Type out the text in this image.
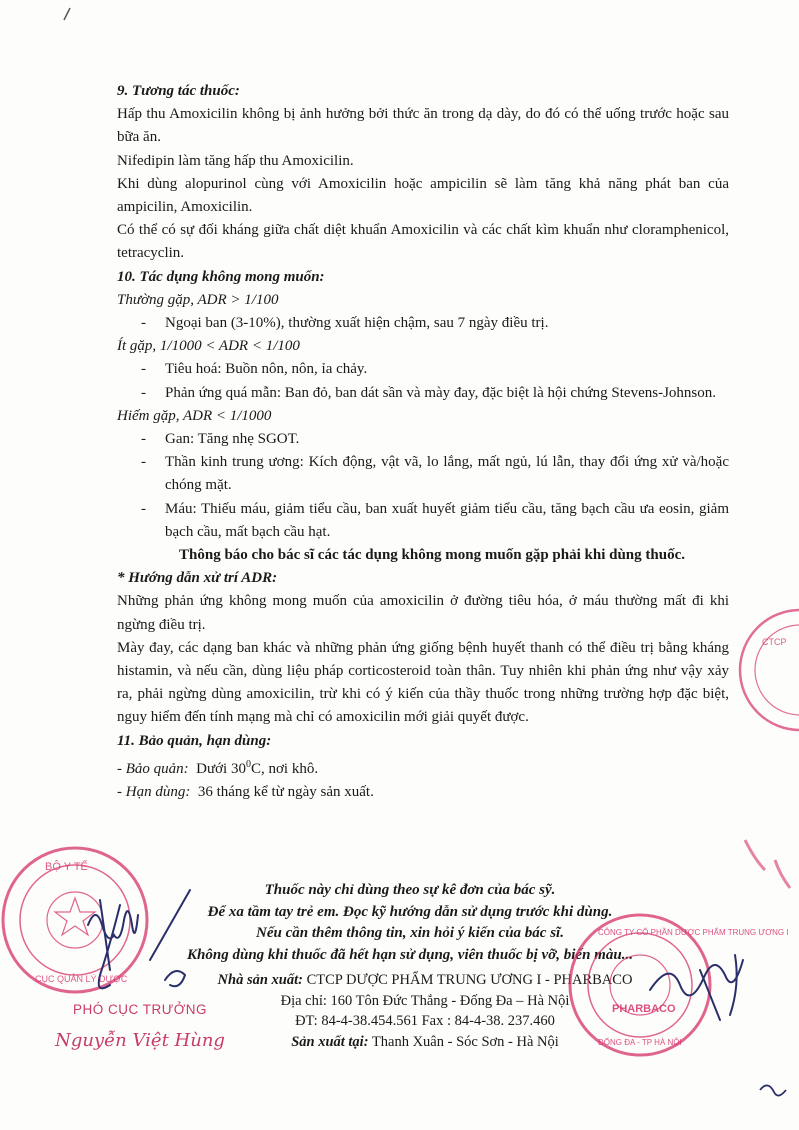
9. Tương tác thuốc:
Hấp thu Amoxicilin không bị ảnh hưởng bởi thức ăn trong dạ dày, do đó có thể uống trước hoặc sau bữa ăn.
Nifedipin làm tăng hấp thu Amoxicilin.
Khi dùng alopurinol cùng với Amoxicilin hoặc ampicilin sẽ làm tăng khả năng phát ban của ampicilin, Amoxicilin.
Có thể có sự đối kháng giữa chất diệt khuẩn Amoxicilin và các chất kìm khuẩn như cloramphenicol, tetracyclin.
10. Tác dụng không mong muốn:
Thường gặp, ADR > 1/100
- Ngoại ban (3-10%), thường xuất hiện chậm, sau 7 ngày điều trị.
Ít gặp, 1/1000 < ADR < 1/100
- Tiêu hoá: Buồn nôn, nôn, ỉa chảy.
- Phản ứng quá mẫn: Ban đỏ, ban dát sần và mày đay, đặc biệt là hội chứng Stevens-Johnson.
Hiếm gặp, ADR < 1/1000
- Gan: Tăng nhẹ SGOT.
- Thần kinh trung ương: Kích động, vật vã, lo lắng, mất ngủ, lú lẫn, thay đổi ứng xử và/hoặc chóng mặt.
- Máu: Thiếu máu, giảm tiểu cầu, ban xuất huyết giảm tiểu cầu, tăng bạch cầu ưa eosin, giảm bạch cầu, mất bạch cầu hạt.
Thông báo cho bác sĩ các tác dụng không mong muốn gặp phải khi dùng thuốc.
* Hướng dẫn xử trí ADR:
Những phản ứng không mong muốn của amoxicilin ở đường tiêu hóa, ở máu thường mất đi khi ngừng điều trị.
Mày đay, các dạng ban khác và những phản ứng giống bệnh huyết thanh có thể điều trị bằng kháng histamin, và nếu cần, dùng liệu pháp corticosteroid toàn thân. Tuy nhiên khi phản ứng như vậy xảy ra, phải ngừng dùng amoxicilin, trừ khi có ý kiến của thầy thuốc trong những trường hợp đặc biệt, nguy hiểm đến tính mạng mà chỉ có amoxicilin mới giải quyết được.
11. Bảo quản, hạn dùng:
- Bảo quản: Dưới $30^0C$, nơi khô.
- Hạn dùng: 36 tháng kể từ ngày sản xuất.
Thuốc này chỉ dùng theo sự kê đơn của bác sỹ.
Để xa tầm tay trẻ em. Đọc kỹ hướng dẫn sử dụng trước khi dùng.
Nếu cần thêm thông tin, xin hỏi ý kiến của bác sĩ.
Không dùng khi thuốc đã hết hạn sử dụng, viên thuốc bị vỡ, biến màu...
Nhà sản xuất: CTCP DƯỢC PHẨM TRUNG ƯƠNG I - PHARBACO
Địa chỉ: 160 Tôn Đức Thắng - Đống Đa – Hà Nội
ĐT: 84-4-38.454.561 Fax : 84-4-38. 237.460
Sản xuất tại: Thanh Xuân - Sóc Sơn - Hà Nội
BỘ Y TẾ
CỤC QUẢN LÝ DƯỢC
CTCP
CÔNG TY CỔ PHẦN DƯỢC PHẨM TRUNG ƯƠNG I
PHARBACO
ĐỐNG ĐA - TP HÀ NỘI
PHÓ CỤC TRƯỞNG
Nguyễn Việt Hùng
